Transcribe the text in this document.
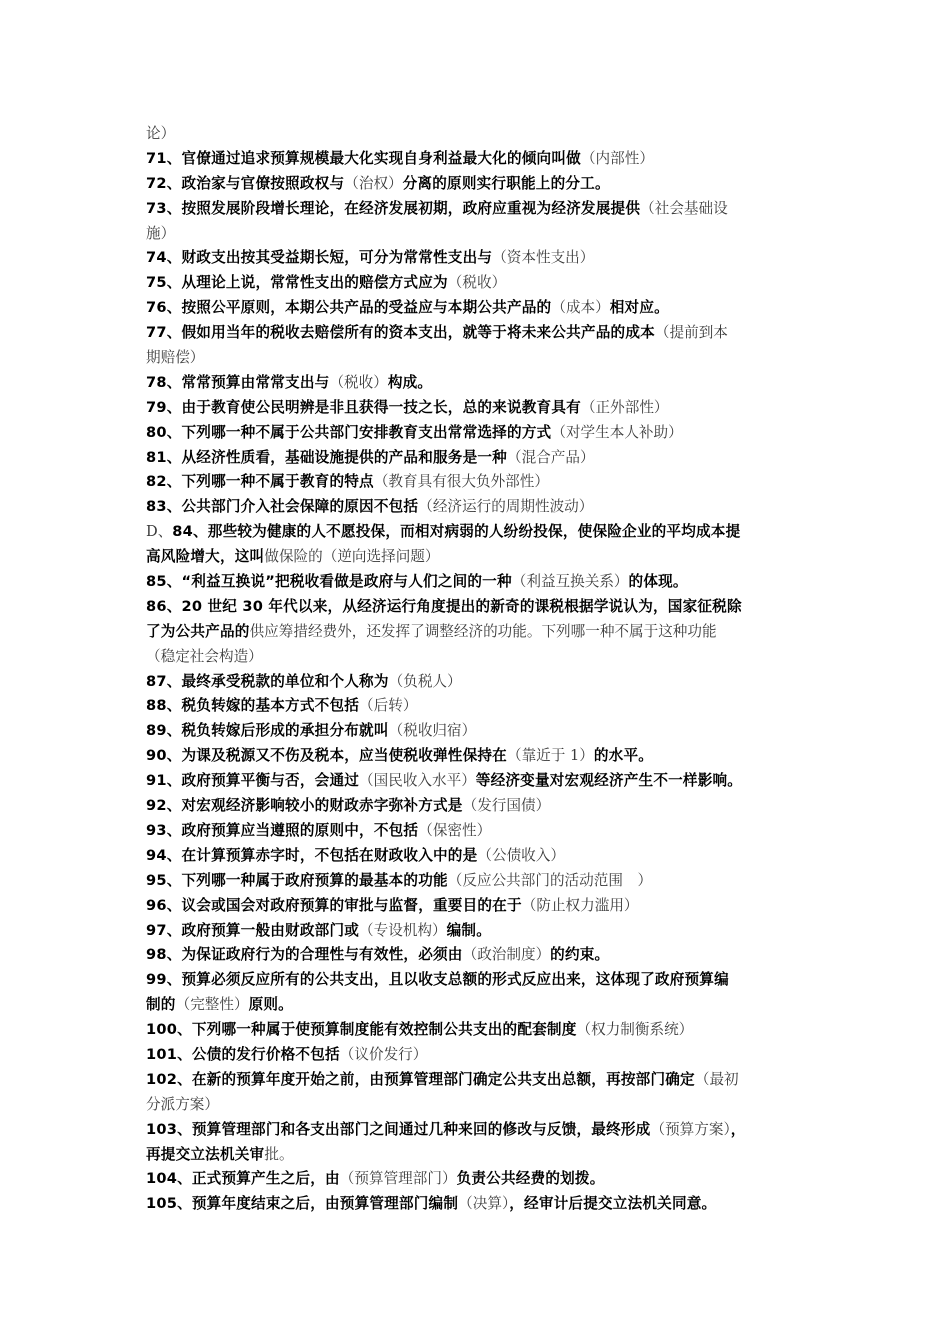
论）
71、官僚通过追求预算规模最大化实现自身利益最大化的倾向叫做（内部性）
72、政治家与官僚按照政权与（治权）分离的原则实行职能上的分工。
73、按照发展阶段增长理论，在经济发展初期，政府应重视为经济发展提供（社会基础设
施）
74、财政支出按其受益期长短，可分为常常性支出与（资本性支出）
75、从理论上说，常常性支出的赔偿方式应为（税收）
76、按照公平原则，本期公共产品的受益应与本期公共产品的（成本）相对应。
77、假如用当年的税收去赔偿所有的资本支出，就等于将未来公共产品的成本（提前到本
期赔偿）
78、常常预算由常常支出与（税收）构成。
79、由于教育使公民明辨是非且获得一技之长，总的来说教育具有（正外部性）
80、下列哪一种不属于公共部门安排教育支出常常选择的方式（对学生本人补助）
81、从经济性质看，基础设施提供的产品和服务是一种（混合产品）
82、下列哪一种不属于教育的特点（教育具有很大负外部性）
83、公共部门介入社会保障的原因不包括（经济运行的周期性波动）
D、84、那些较为健康的人不愿投保，而相对病弱的人纷纷投保，使保险企业的平均成本提
高风险增大，这叫做保险的（逆向选择问题）
85、“利益互换说”把税收看做是政府与人们之间的一种（利益互换关系）的体现。
86、20 世纪 30 年代以来，从经济运行角度提出的新奇的课税根据学说认为，国家征税除
了为公共产品的供应筹措经费外，还发挥了调整经济的功能。下列哪一种不属于这种功能
（稳定社会构造）
87、最终承受税款的单位和个人称为（负税人）
88、税负转嫁的基本方式不包括（后转）
89、税负转嫁后形成的承担分布就叫（税收归宿）
90、为课及税源又不伤及税本，应当使税收弹性保持在（靠近于 1）的水平。
91、政府预算平衡与否，会通过（国民收入水平）等经济变量对宏观经济产生不一样影响。
92、对宏观经济影响较小的财政赤字弥补方式是（发行国债）
93、政府预算应当遵照的原则中，不包括（保密性）
94、在计算预算赤字时，不包括在财政收入中的是（公债收入）
95、下列哪一种属于政府预算的最基本的功能（反应公共部门的活动范围　）
96、议会或国会对政府预算的审批与监督，重要目的在于（防止权力滥用）
97、政府预算一般由财政部门或（专设机构）编制。
98、为保证政府行为的合理性与有效性，必须由（政治制度）的约束。
99、预算必须反应所有的公共支出，且以收支总额的形式反应出来，这体现了政府预算编
制的（完整性）原则。
100、下列哪一种属于使预算制度能有效控制公共支出的配套制度（权力制衡系统）
101、公债的发行价格不包括（议价发行）
102、在新的预算年度开始之前，由预算管理部门确定公共支出总额，再按部门确定（最初
分派方案）
103、预算管理部门和各支出部门之间通过几种来回的修改与反馈，最终形成（预算方案），
再提交立法机关审批。
104、正式预算产生之后，由（预算管理部门）负责公共经费的划拨。
105、预算年度结束之后，由预算管理部门编制（决算），经审计后提交立法机关同意。
